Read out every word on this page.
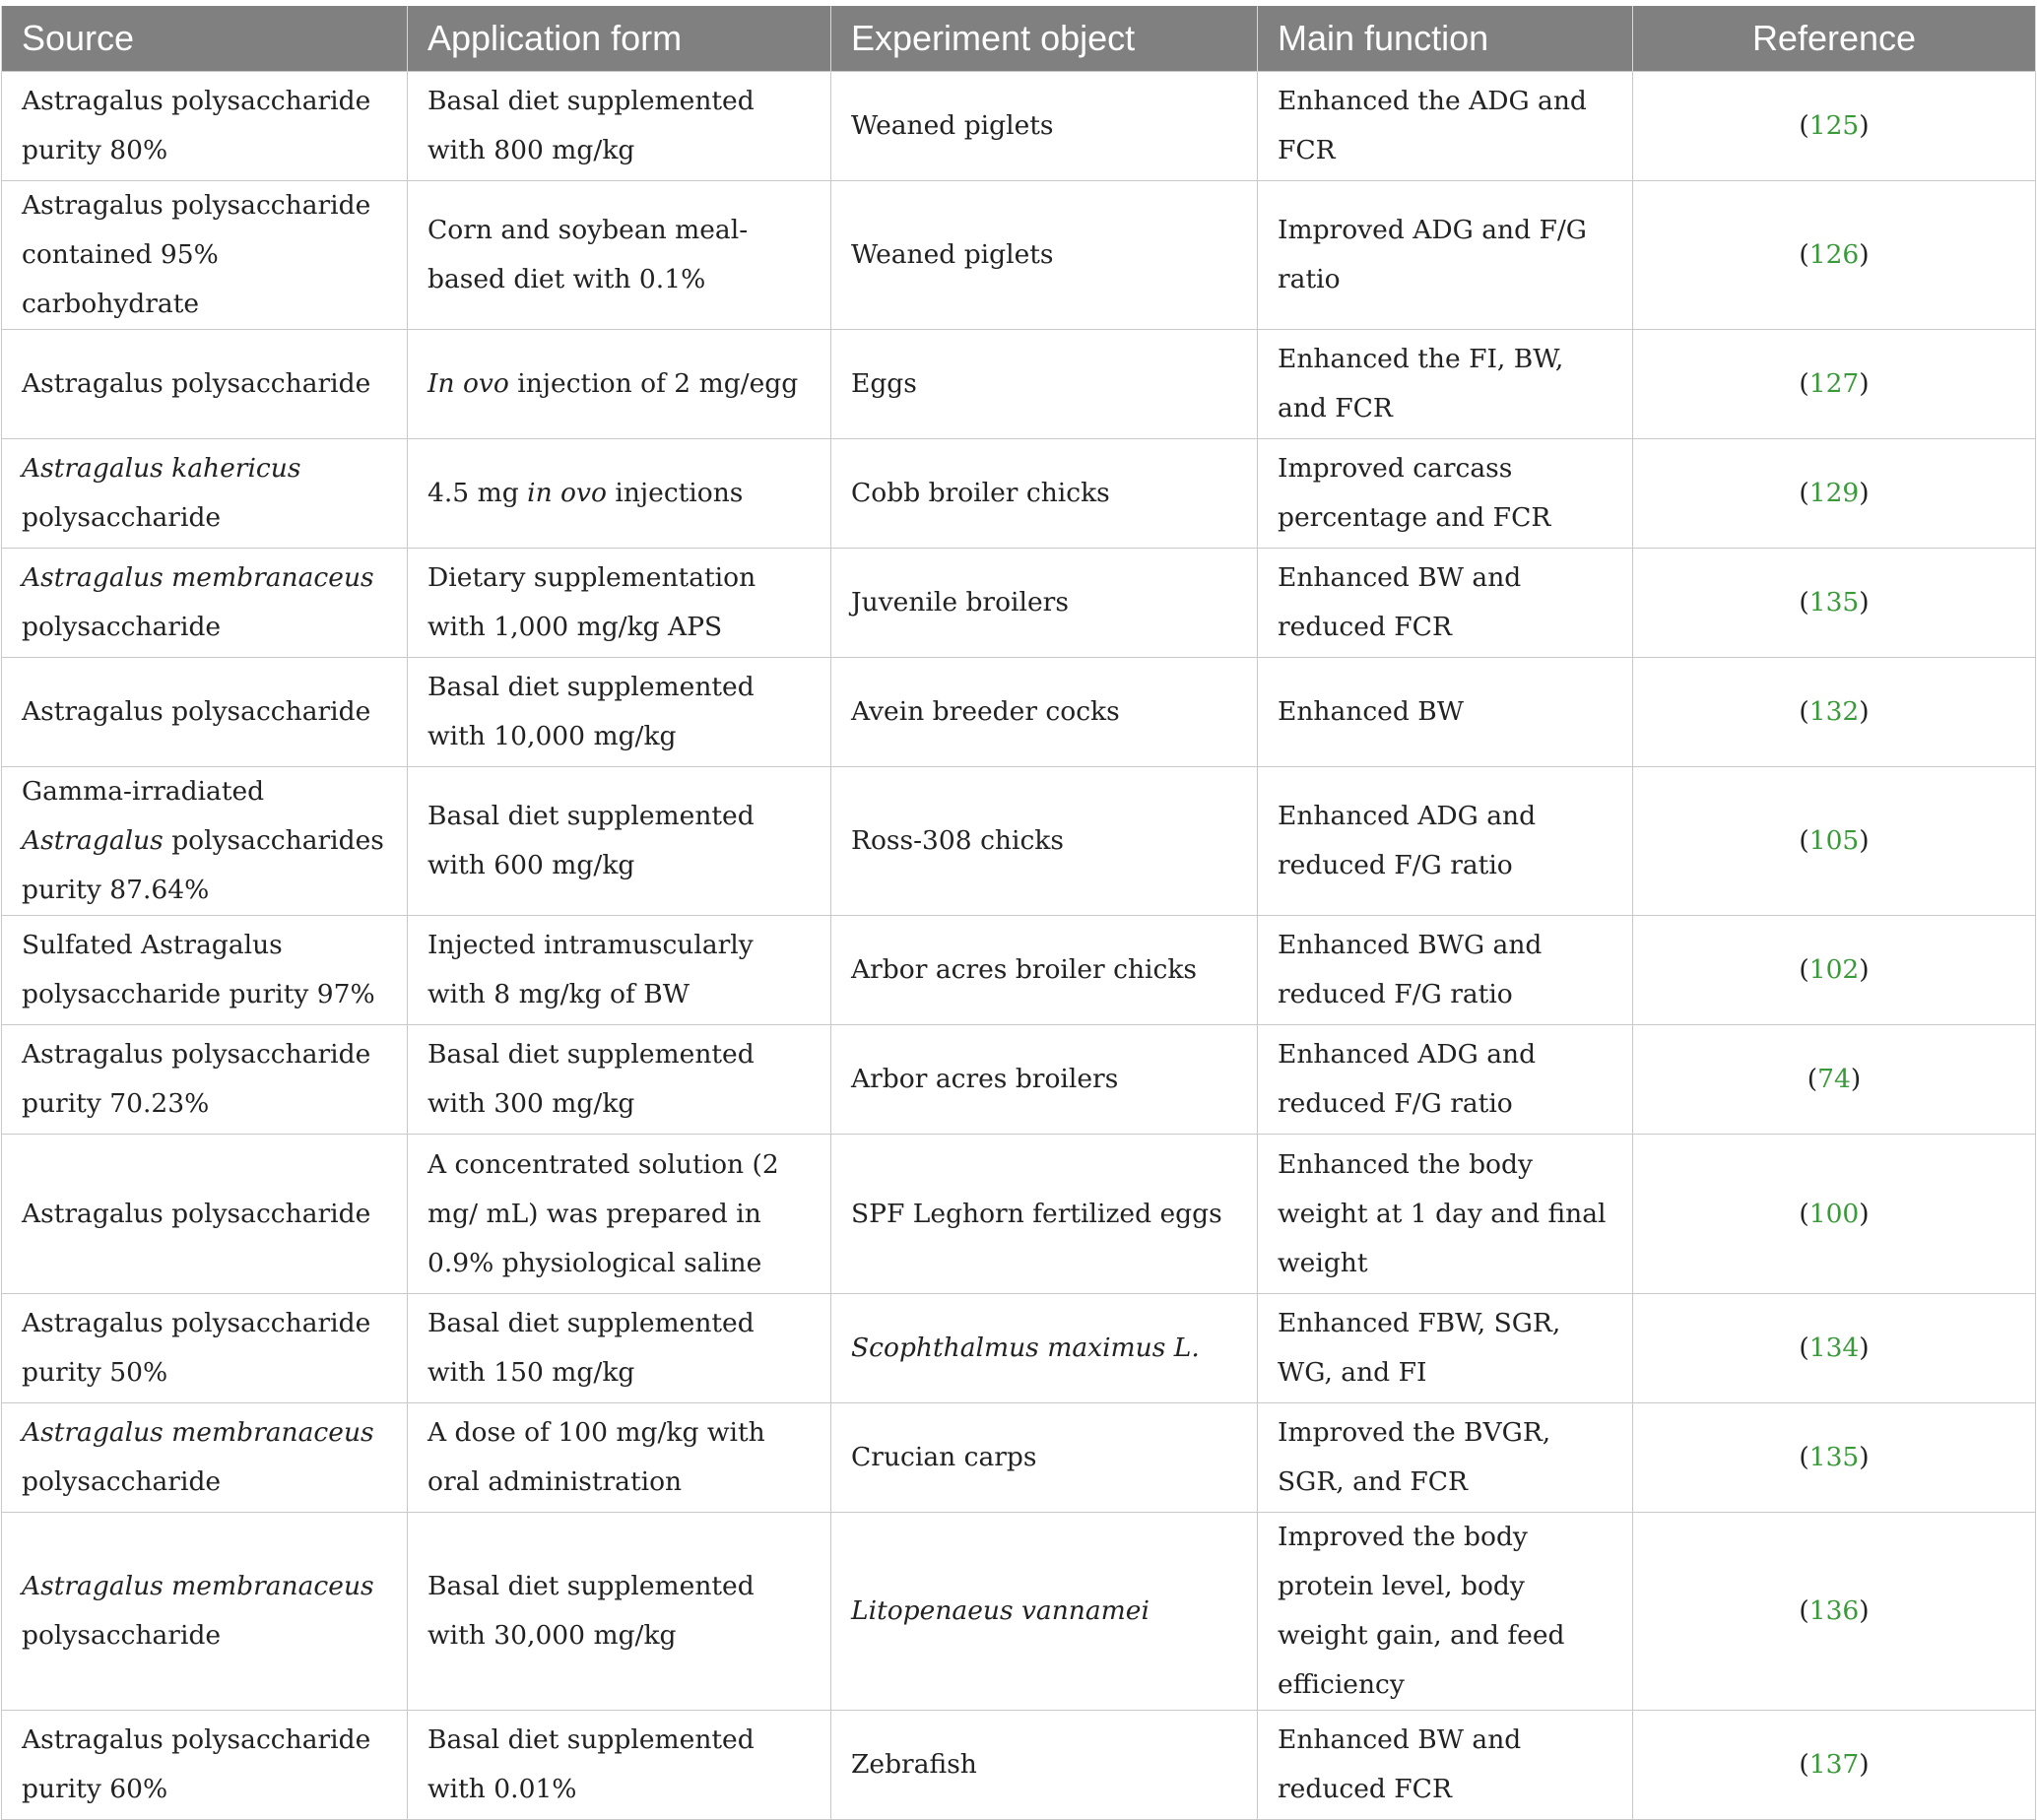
Source	Application form	Experiment object	Main function	Reference
Astragalus polysaccharide purity 80%	Basal diet supplemented with 800 mg/kg	Weaned piglets	Enhanced the ADG and FCR	(125)
Astragalus polysaccharide contained 95% carbohydrate	Corn and soybean meal-based diet with 0.1%	Weaned piglets	Improved ADG and F/G ratio	(126)
Astragalus polysaccharide	In ovo injection of 2 mg/egg	Eggs	Enhanced the FI, BW, and FCR	(127)
Astragalus kahericus polysaccharide	4.5 mg in ovo injections	Cobb broiler chicks	Improved carcass percentage and FCR	(129)
Astragalus membranaceus polysaccharide	Dietary supplementation with 1,000 mg/kg APS	Juvenile broilers	Enhanced BW and reduced FCR	(135)
Astragalus polysaccharide	Basal diet supplemented with 10,000 mg/kg	Avein breeder cocks	Enhanced BW	(132)
Gamma-irradiated Astragalus polysaccharides purity 87.64%	Basal diet supplemented with 600 mg/kg	Ross-308 chicks	Enhanced ADG and reduced F/G ratio	(105)
Sulfated Astragalus polysaccharide purity 97%	Injected intramuscularly with 8 mg/kg of BW	Arbor acres broiler chicks	Enhanced BWG and reduced F/G ratio	(102)
Astragalus polysaccharide purity 70.23%	Basal diet supplemented with 300 mg/kg	Arbor acres broilers	Enhanced ADG and reduced F/G ratio	(74)
Astragalus polysaccharide	A concentrated solution (2 mg/ mL) was prepared in 0.9% physiological saline	SPF Leghorn fertilized eggs	Enhanced the body weight at 1 day and final weight	(100)
Astragalus polysaccharide purity 50%	Basal diet supplemented with 150 mg/kg	Scophthalmus maximus L.	Enhanced FBW, SGR, WG, and FI	(134)
Astragalus membranaceus polysaccharide	A dose of 100 mg/kg with oral administration	Crucian carps	Improved the BVGR, SGR, and FCR	(135)
Astragalus membranaceus polysaccharide	Basal diet supplemented with 30,000 mg/kg	Litopenaeus vannamei	Improved the body protein level, body weight gain, and feed efficiency	(136)
Astragalus polysaccharide purity 60%	Basal diet supplemented with 0.01%	Zebrafish	Enhanced BW and reduced FCR	(137)
